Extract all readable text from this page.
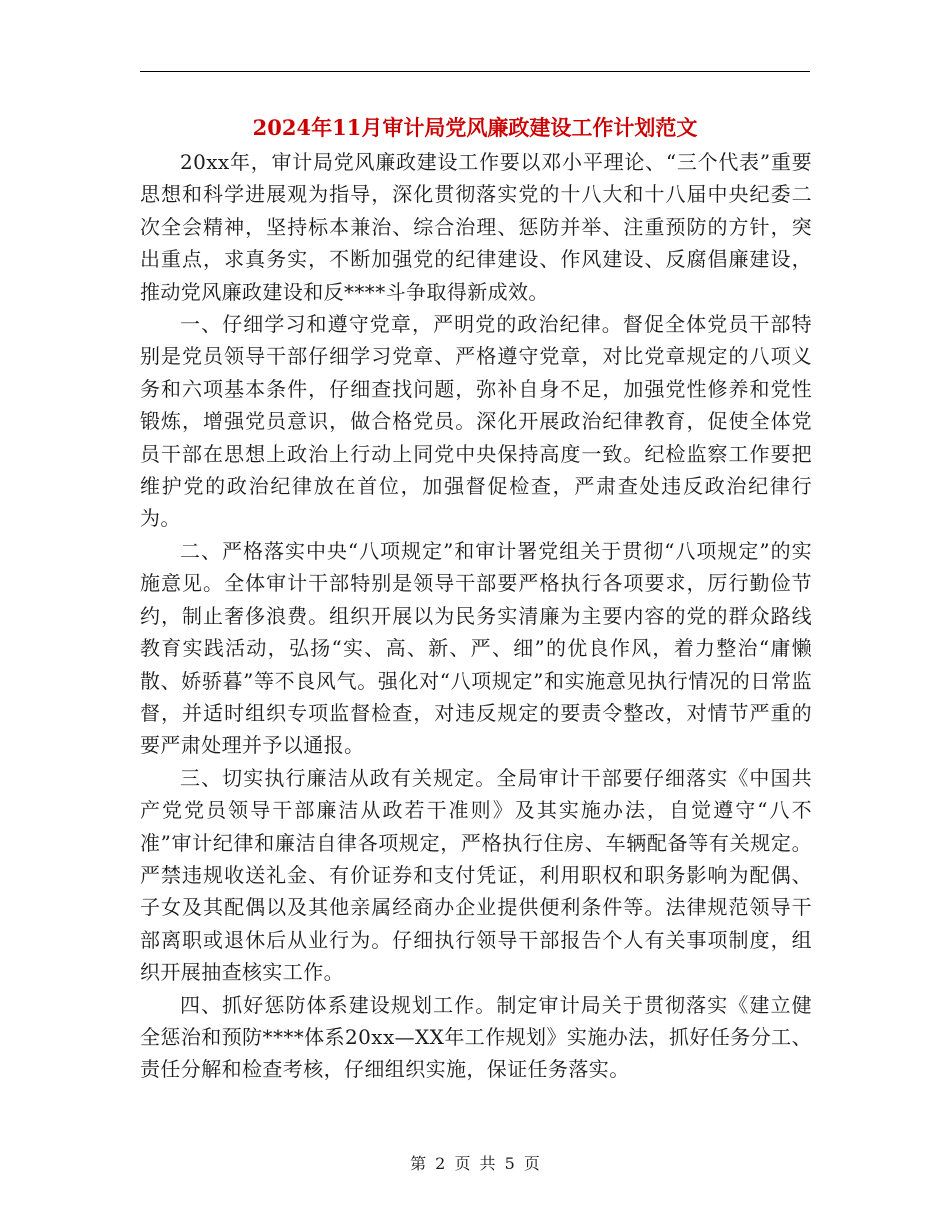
2024年11月审计局党风廉政建设工作计划范文

20xx年，审计局党风廉政建设工作要以邓小平理论、“三个代表”重要思想和科学进展观为指导，深化贯彻落实党的十八大和十八届中央纪委二次全会精神，坚持标本兼治、综合治理、惩防并举、注重预防的方针，突出重点，求真务实，不断加强党的纪律建设、作风建设、反腐倡廉建设，推动党风廉政建设和反****斗争取得新成效。

一、仔细学习和遵守党章，严明党的政治纪律。督促全体党员干部特别是党员领导干部仔细学习党章、严格遵守党章，对比党章规定的八项义务和六项基本条件，仔细查找问题，弥补自身不足，加强党性修养和党性锻炼，增强党员意识，做合格党员。深化开展政治纪律教育，促使全体党员干部在思想上政治上行动上同党中央保持高度一致。纪检监察工作要把维护党的政治纪律放在首位，加强督促检查，严肃查处违反政治纪律行为。

二、严格落实中央“八项规定”和审计署党组关于贯彻“八项规定”的实施意见。全体审计干部特别是领导干部要严格执行各项要求，厉行勤俭节约，制止奢侈浪费。组织开展以为民务实清廉为主要内容的党的群众路线教育实践活动，弘扬“实、高、新、严、细”的优良作风，着力整治“庸懒散、娇骄暮”等不良风气。强化对“八项规定”和实施意见执行情况的日常监督，并适时组织专项监督检查，对违反规定的要责令整改，对情节严重的要严肃处理并予以通报。

三、切实执行廉洁从政有关规定。全局审计干部要仔细落实《中国共产党党员领导干部廉洁从政若干准则》及其实施办法，自觉遵守“八不准”审计纪律和廉洁自律各项规定，严格执行住房、车辆配备等有关规定。严禁违规收送礼金、有价证券和支付凭证，利用职权和职务影响为配偶、子女及其配偶以及其他亲属经商办企业提供便利条件等。法律规范领导干部离职或退休后从业行为。仔细执行领导干部报告个人有关事项制度，组织开展抽查核实工作。

四、抓好惩防体系建设规划工作。制定审计局关于贯彻落实《建立健全惩治和预防****体系20xx—XX年工作规划》实施办法，抓好任务分工、责任分解和检查考核，仔细组织实施，保证任务落实。

第 2 页 共 5 页
